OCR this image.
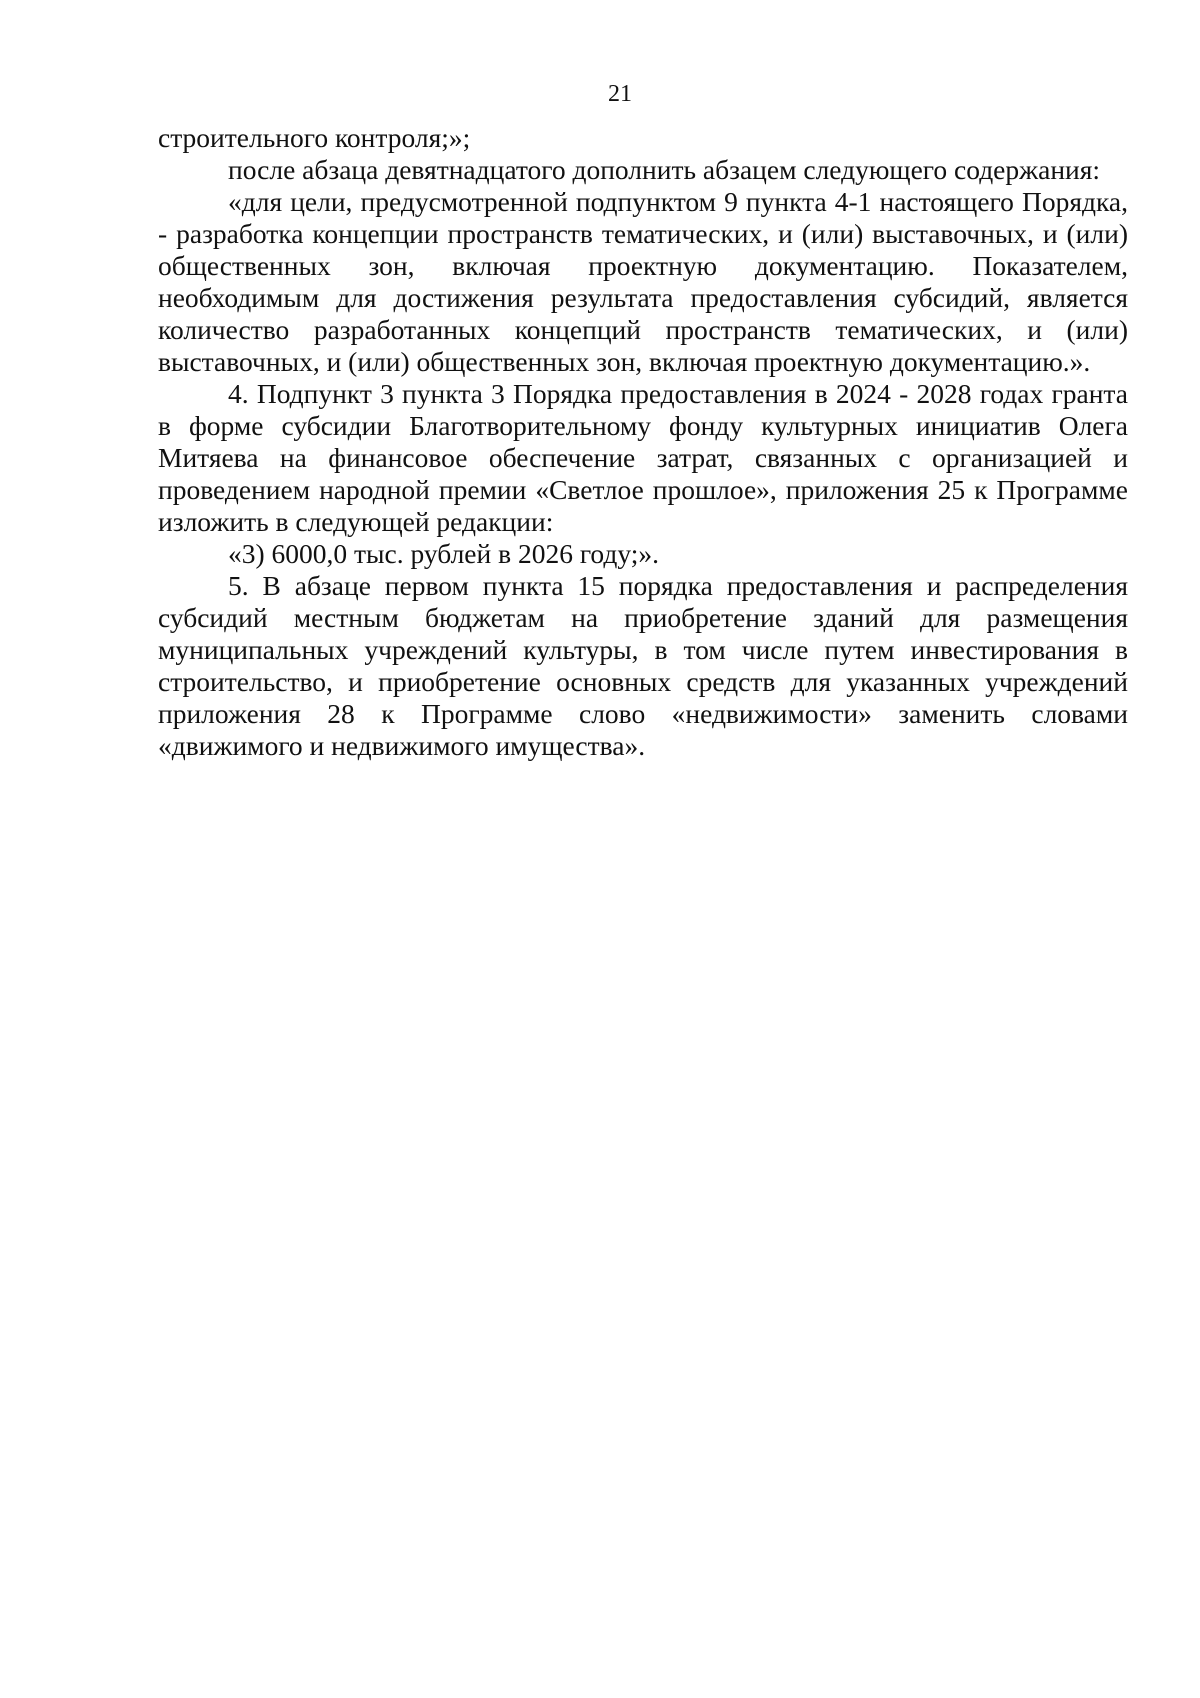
21

строительного контроля;»;

после абзаца девятнадцатого дополнить абзацем следующего содержания:

«для цели, предусмотренной подпунктом 9 пункта 4-1 настоящего Порядка, - разработка концепции пространств тематических, и (или) выставочных, и (или) общественных зон, включая проектную документацию. Показателем, необходимым для достижения результата предоставления субсидий, является количество разработанных концепций пространств тематических, и (или) выставочных, и (или) общественных зон, включая проектную документацию.».

4. Подпункт 3 пункта 3 Порядка предоставления в 2024 - 2028 годах гранта в форме субсидии Благотворительному фонду культурных инициатив Олега Митяева на финансовое обеспечение затрат, связанных с организацией и проведением народной премии «Светлое прошлое», приложения 25 к Программе изложить в следующей редакции:

«3) 6000,0 тыс. рублей в 2026 году;».

5. В абзаце первом пункта 15 порядка предоставления и распределения субсидий местным бюджетам на приобретение зданий для размещения муниципальных учреждений культуры, в том числе путем инвестирования в строительство, и приобретение основных средств для указанных учреждений приложения 28 к Программе слово «недвижимости» заменить словами «движимого и недвижимого имущества».
